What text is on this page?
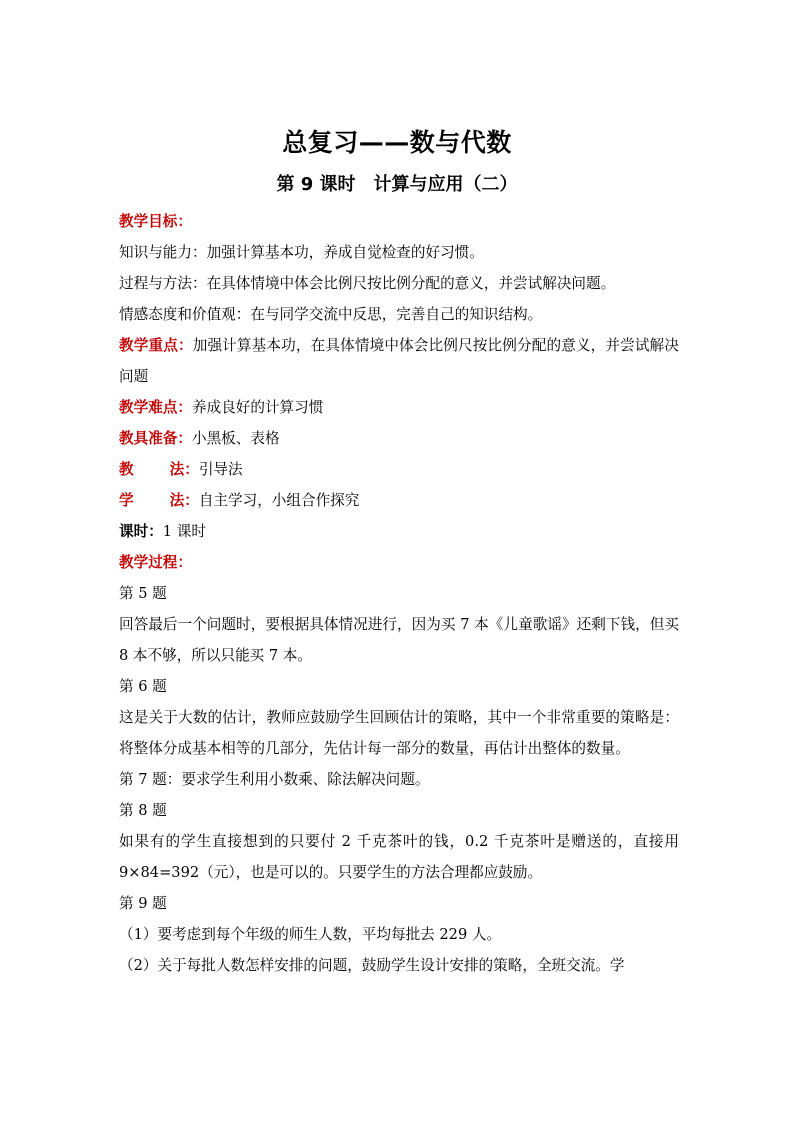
总复习——数与代数
第 9 课时　计算与应用（二）
教学目标：
知识与能力：加强计算基本功，养成自觉检查的好习惯。
过程与方法：在具体情境中体会比例尺按比例分配的意义，并尝试解决问题。
情感态度和价值观：在与同学交流中反思，完善自己的知识结构。
教学重点：加强计算基本功，在具体情境中体会比例尺按比例分配的意义，并尝试解决问题
教学难点：养成良好的计算习惯
教具准备：小黑板、表格
教 法：引导法
学 法：自主学习，小组合作探究
课时：1 课时
教学过程：
第 5 题
回答最后一个问题时，要根据具体情况进行，因为买 7 本《儿童歌谣》还剩下钱，但买 8 本不够，所以只能买 7 本。
第 6 题
这是关于大数的估计，教师应鼓励学生回顾估计的策略，其中一个非常重要的策略是：将整体分成基本相等的几部分，先估计每一部分的数量，再估计出整体的数量。
第 7 题：要求学生利用小数乘、除法解决问题。
第 8 题
如果有的学生直接想到的只要付 2 千克茶叶的钱，0.2 千克茶叶是赠送的，直接用 9×84=392（元），也是可以的。只要学生的方法合理都应鼓励。
第 9 题
（1）要考虑到每个年级的师生人数，平均每批去 229 人。
（2）关于每批人数怎样安排的问题，鼓励学生设计安排的策略，全班交流。学
